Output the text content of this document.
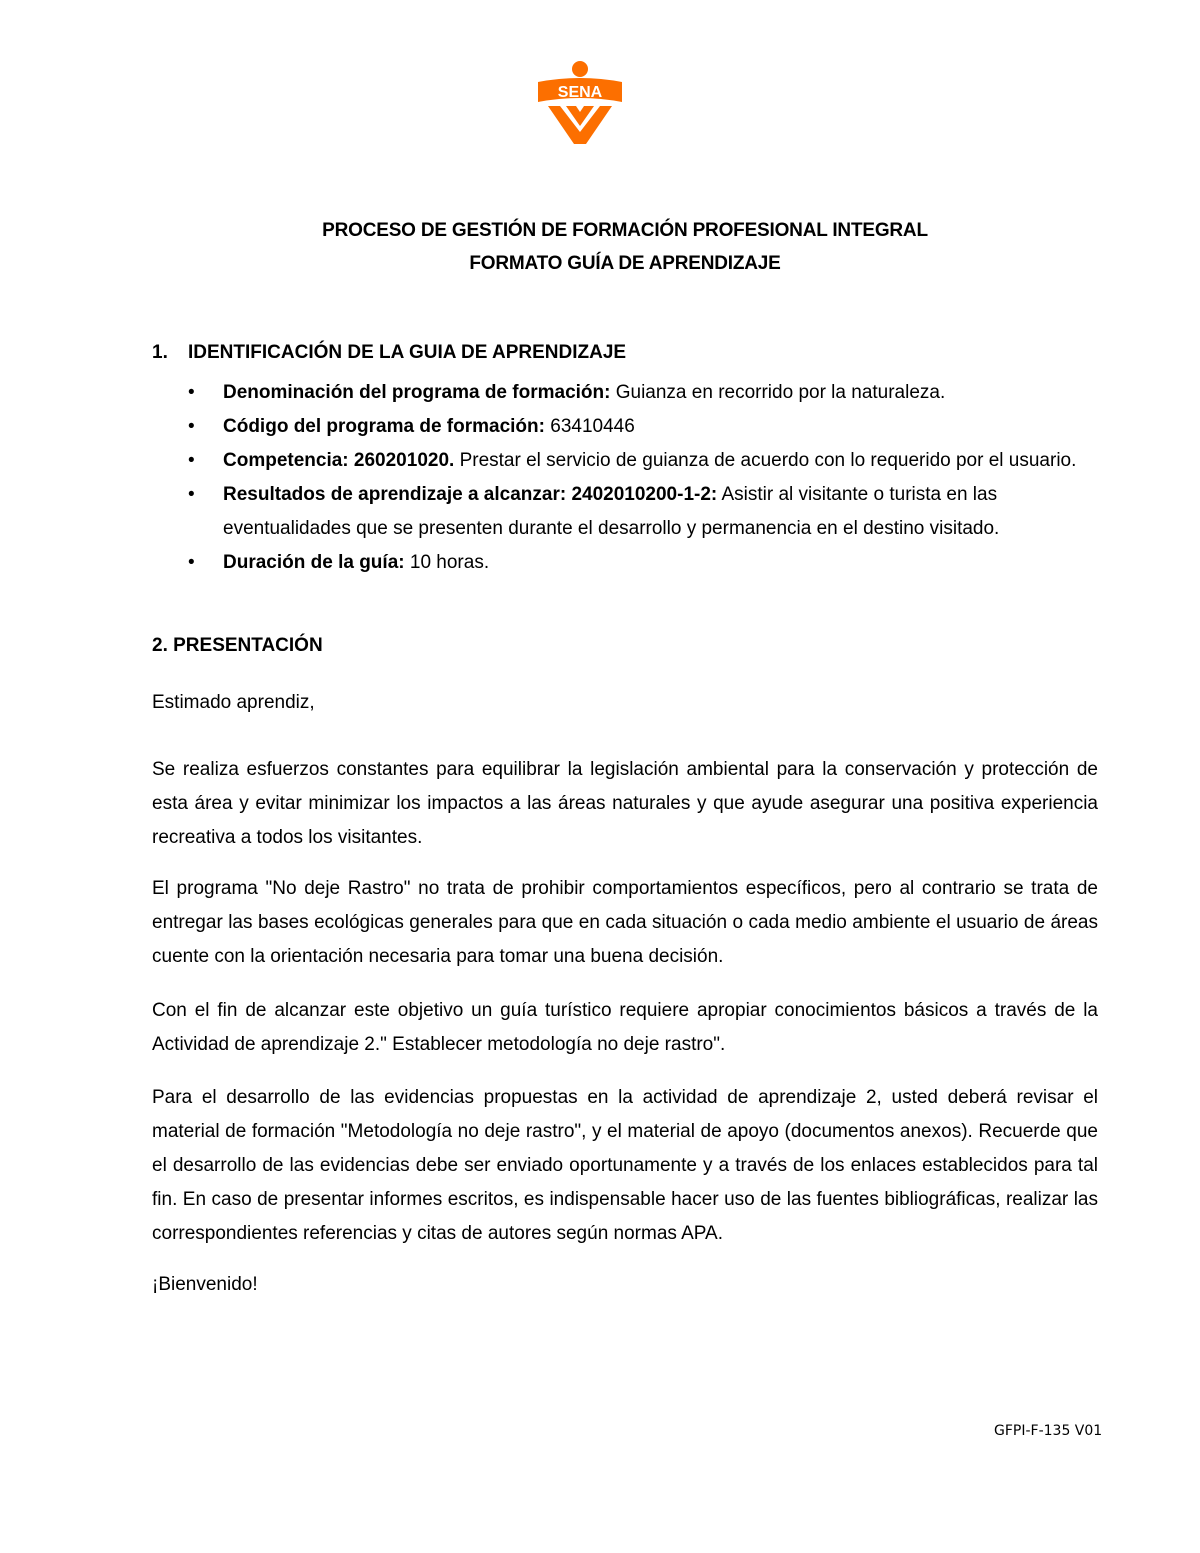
SENA
PROCESO DE GESTIÓN DE FORMACIÓN PROFESIONAL INTEGRAL
FORMATO GUÍA DE APRENDIZAJE
1. IDENTIFICACIÓN DE LA GUIA DE APRENDIZAJE
• Denominación del programa de formación: Guianza en recorrido por la naturaleza.
• Código del programa de formación: 63410446
• Competencia: 260201020. Prestar el servicio de guianza de acuerdo con lo requerido por el usuario.
• Resultados de aprendizaje a alcanzar: 2402010200-1-2: Asistir al visitante o turista en las eventualidades que se presenten durante el desarrollo y permanencia en el destino visitado.
• Duración de la guía: 10 horas.
2. PRESENTACIÓN

Estimado aprendiz,

Se realiza esfuerzos constantes para equilibrar la legislación ambiental para la conservación y protección de esta área y evitar minimizar los impactos a las áreas naturales y que ayude asegurar una positiva experiencia recreativa a todos los visitantes.

El programa "No deje Rastro" no trata de prohibir comportamientos específicos, pero al contrario se trata de entregar las bases ecológicas generales para que en cada situación o cada medio ambiente el usuario de áreas cuente con la orientación necesaria para tomar una buena decisión.

Con el fin de alcanzar este objetivo un guía turístico requiere apropiar conocimientos básicos a través de la Actividad de aprendizaje 2." Establecer metodología no deje rastro".

Para el desarrollo de las evidencias propuestas en la actividad de aprendizaje 2, usted deberá revisar el material de formación "Metodología no deje rastro", y el material de apoyo (documentos anexos). Recuerde que el desarrollo de las evidencias debe ser enviado oportunamente y a través de los enlaces establecidos para tal fin. En caso de presentar informes escritos, es indispensable hacer uso de las fuentes bibliográficas, realizar las correspondientes referencias y citas de autores según normas APA.

¡Bienvenido!

GFPI-F-135 V01
